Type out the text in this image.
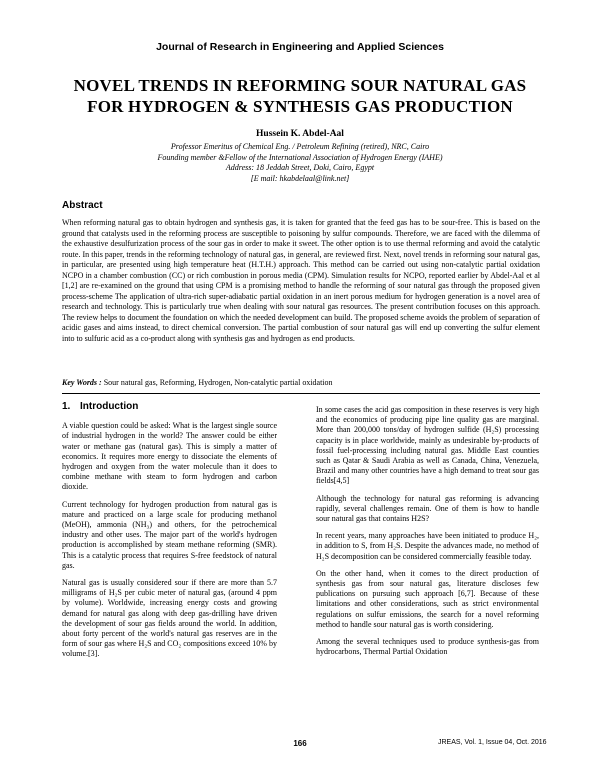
Journal of Research in Engineering and Applied Sciences
NOVEL TRENDS IN REFORMING SOUR NATURAL GAS
FOR HYDROGEN & SYNTHESIS GAS PRODUCTION
Hussein K. Abdel-Aal
Professor Emeritus of Chemical Eng. / Petroleum Refining (retired), NRC, Cairo
Founding member &Fellow of the International Association of Hydrogen Energy (IAHE)
Address: 18 Jeddah Street, Doki, Cairo, Egypt
[E mail: hkabdelaal@link.net]
Abstract
When reforming natural gas to obtain hydrogen and synthesis gas, it is taken for granted that the feed gas has to be sour-free. This is based on the ground that catalysts used in the reforming process are susceptible to poisoning by sulfur compounds. Therefore, we are faced with the dilemma of the exhaustive desulfurization process of the sour gas in order to make it sweet. The other option is to use thermal reforming and avoid the catalytic route. In this paper, trends in the reforming technology of natural gas, in general, are reviewed first. Next, novel trends in reforming sour natural gas, in particular, are presented using high temperature heat (H.T.H.) approach. This method can be carried out using non-catalytic partial oxidation NCPO in a chamber combustion (CC) or rich combustion in porous media (CPM). Simulation results for NCPO, reported earlier by Abdel-Aal et al [1,2] are re-examined on the ground that using CPM is a promising method to handle the reforming of sour natural gas through the proposed given process-scheme The application of ultra-rich super-adiabatic partial oxidation in an inert porous medium for hydrogen generation is a novel area of research and technology. This is particularly true when dealing with sour natural gas resources. The present contribution focuses on this approach. The review helps to document the foundation on which the needed development can build. The proposed scheme avoids the problem of separation of acidic gases and aims instead, to direct chemical conversion. The partial combustion of sour natural gas will end up converting the sulfur element into to sulfuric acid as a co-product along with synthesis gas and hydrogen as end products.
Key Words : Sour natural gas, Reforming, Hydrogen, Non-catalytic partial oxidation
1. Introduction

A viable question could be asked: What is the largest single source of industrial hydrogen in the world? The answer could be either water or methane gas (natural gas). This is simply a matter of economics. It requires more energy to dissociate the elements of hydrogen and oxygen from the water molecule than it does to combine methane with steam to form hydrogen and carbon dioxide.

Current technology for hydrogen production from natural gas is mature and practiced on a large scale for producing methanol (MeOH), ammonia (NH₃) and others, for the petrochemical industry and other uses. The major part of the world's hydrogen production is accomplished by steam methane reforming (SMR). This is a catalytic process that requires S-free feedstock of natural gas.

Natural gas is usually considered sour if there are more than 5.7 milligrams of H₂S per cubic meter of natural gas, (around 4 ppm by volume). Worldwide, increasing energy costs and growing demand for natural gas along with deep gas-drilling have driven the development of sour gas fields around the world. In addition, about forty percent of the world's natural gas reserves are in the form of sour gas where H₂S and CO₂ compositions exceed 10% by volume.[3].

In some cases the acid gas composition in these reserves is very high and the economics of producing pipe line quality gas are marginal. More than 200,000 tons/day of hydrogen sulfide (H₂S) processing capacity is in place worldwide, mainly as undesirable by-products of fossil fuel-processing including natural gas. Middle East counties such as Qatar & Saudi Arabia as well as Canada, China, Venezuela, Brazil and many other countries have a high demand to treat sour gas fields[4,5]

Although the technology for natural gas reforming is advancing rapidly, several challenges remain. One of them is how to handle sour natural gas that contains H2S?

In recent years, many approaches have been initiated to produce H₂, in addition to S, from H₂S. Despite the advances made, no method of H₂S decomposition can be considered commercially feasible today.

On the other hand, when it comes to the direct production of synthesis gas from sour natural gas, literature discloses few publications on pursuing such approach [6,7]. Because of these limitations and other considerations, such as strict environmental regulations on sulfur emissions, the search for a novel reforming method to handle sour natural gas is worth considering.

Among the several techniques used to produce synthesis-gas from hydrocarbons, Thermal Partial Oxidation

166	JREAS, Vol. 1, Issue 04, Oct. 2016
